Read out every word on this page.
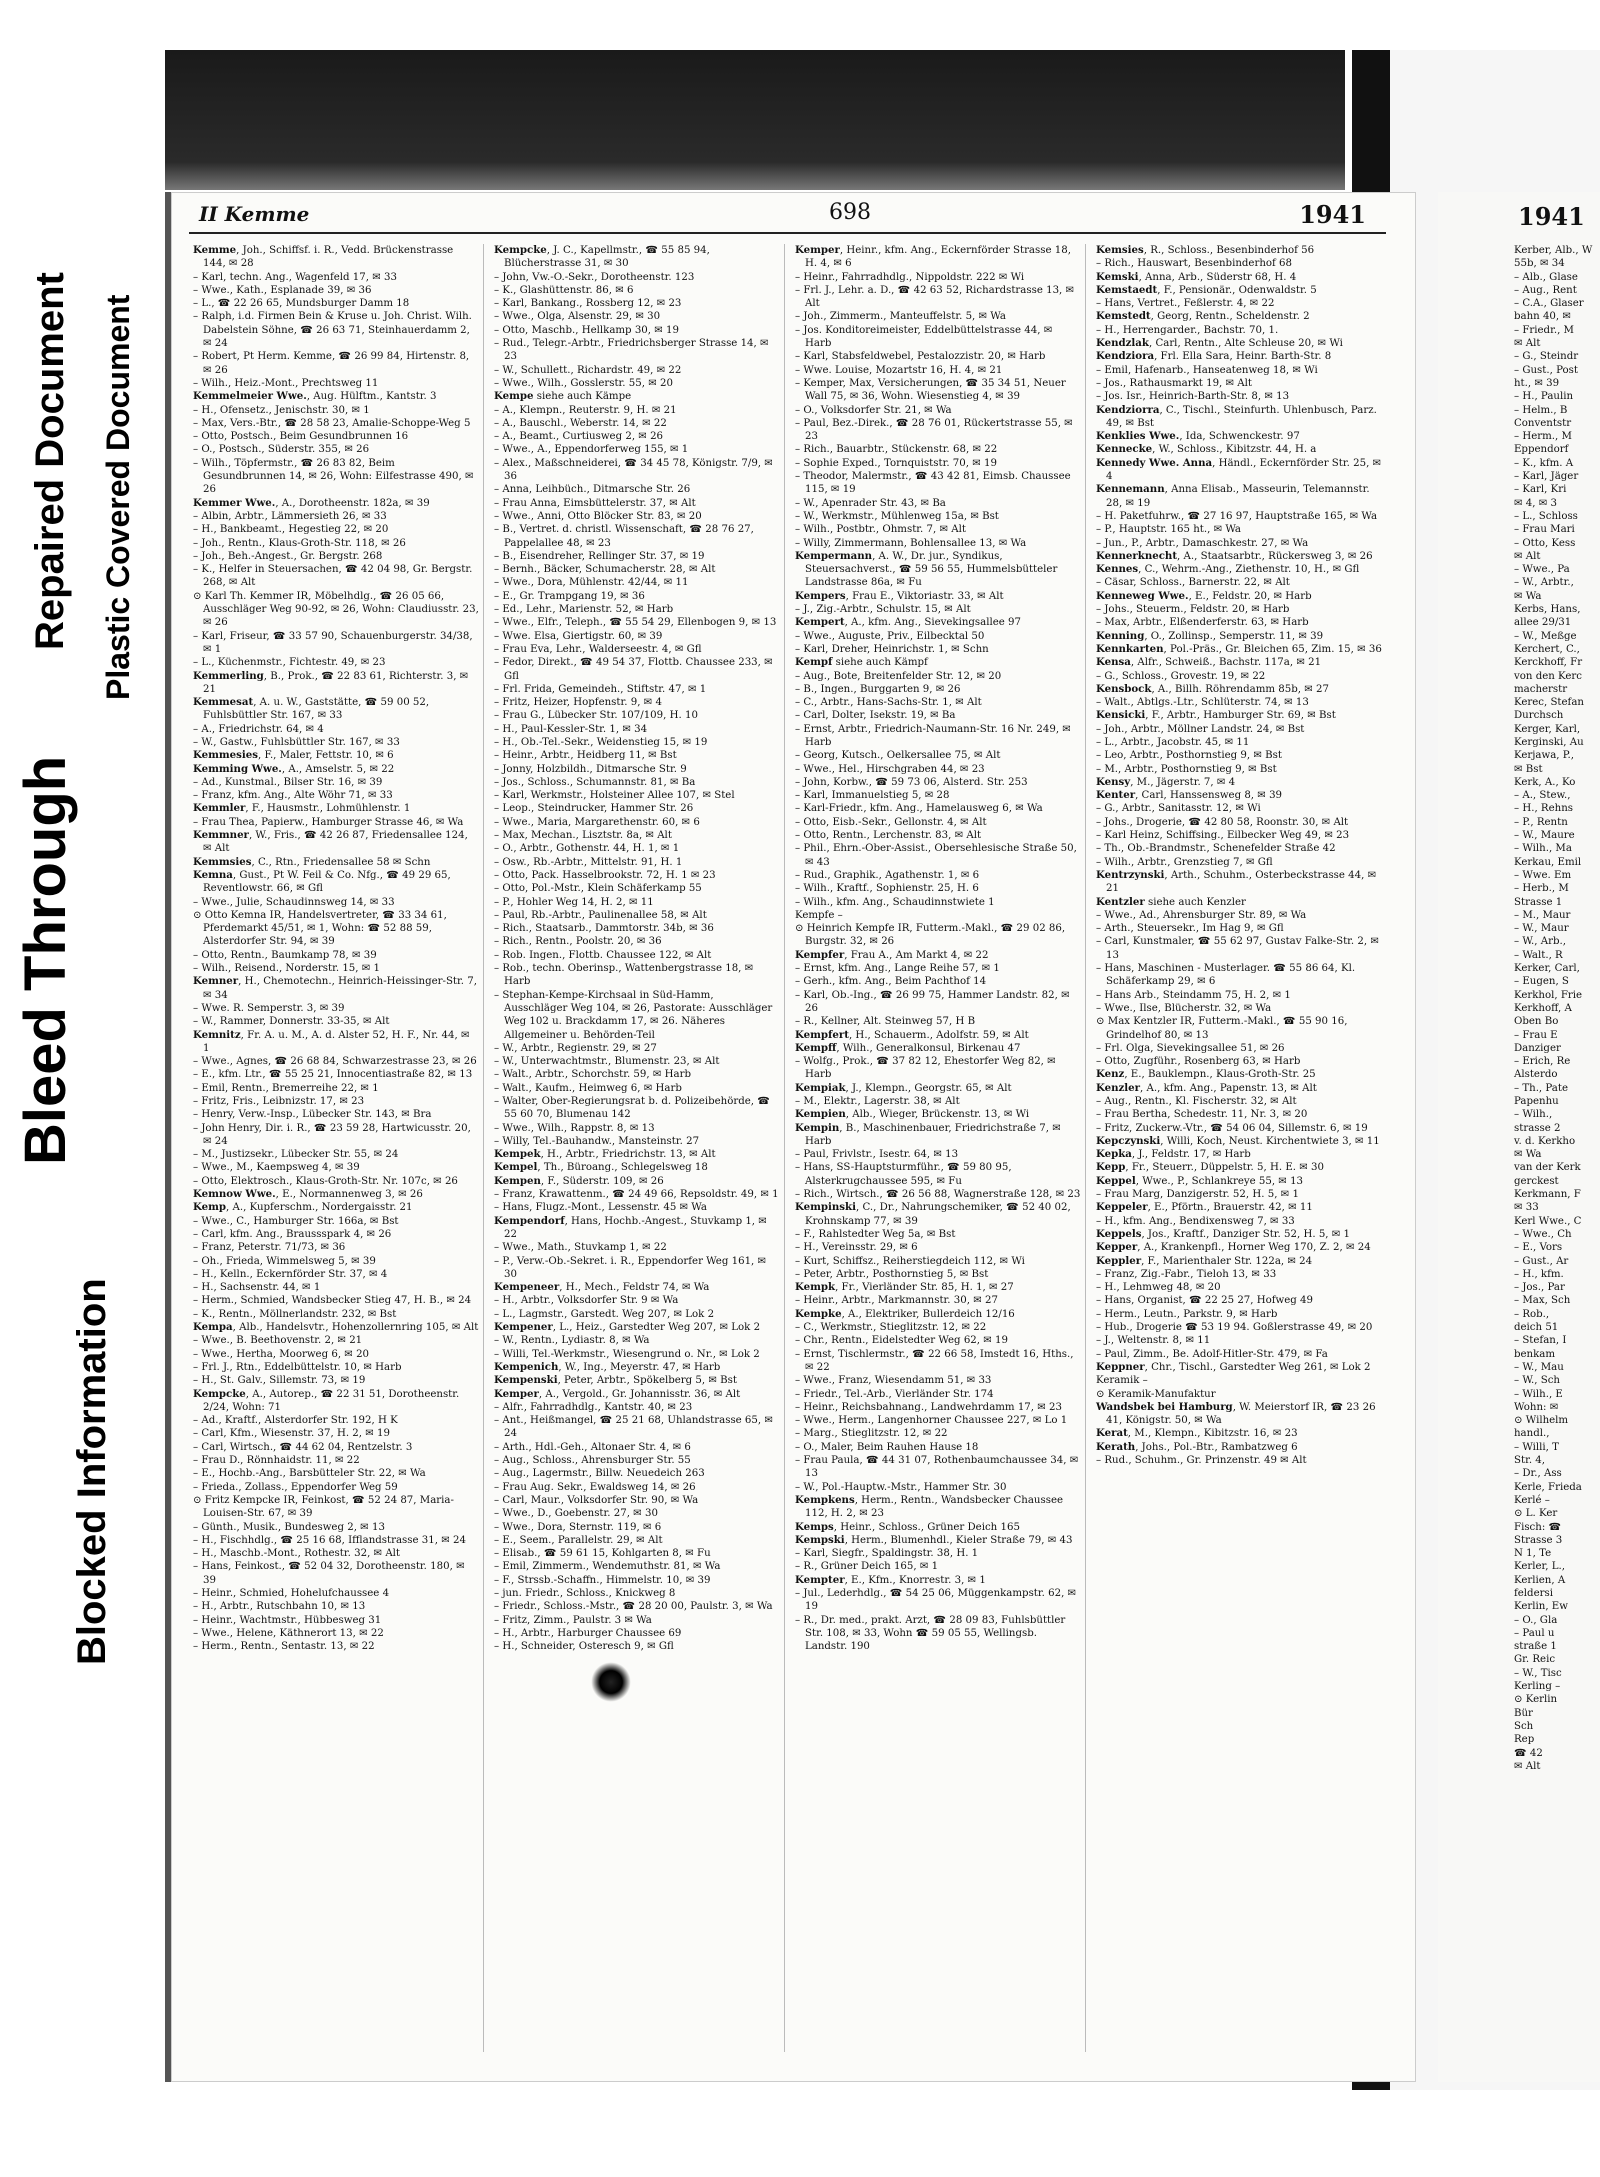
Bleed Through
Repaired Document Plastic Covered Document
Blocked Information
II Kemme	698	1941

Kemme, Joh., Schiffsf. i. R., Vedd. Brückenstrasse 144, ✉ 28

– Karl, techn. Ang., Wagenfeld 17, ✉ 33

– Wwe., Kath., Esplanade 39, ✉ 36

– L., ☎ 22 26 65, Mundsburger Damm 18

– Ralph, i.d. Firmen Bein & Kruse u. Joh. Christ. Wilh. Dabelstein Söhne, ☎ 26 63 71, Steinhauerdamm 2, ✉ 24

– Robert, Pt Herm. Kemme, ☎ 26 99 84, Hirtenstr. 8, ✉ 26

– Wilh., Heiz.-Mont., Prechtsweg 11

Kemmelmeier Wwe., Aug. Hülftm., Kantstr. 3

– H., Ofensetz., Jenischstr. 30, ✉ 1

– Max, Vers.-Btr., ☎ 28 58 23, Amalie-Schoppe-Weg 5

– Otto, Postsch., Beim Gesundbrunnen 16

– O., Postsch., Süderstr. 355, ✉ 26

– Wilh., Töpfermstr., ☎ 26 83 82, Beim Gesundbrunnen 14, ✉ 26, Wohn: Eilfestrasse 490, ✉ 26

Kemmer Wwe., A., Dorotheenstr. 182a, ✉ 39

– Albin, Arbtr., Lämmersieth 26, ✉ 33

– H., Bankbeamt., Hegestieg 22, ✉ 20

– Joh., Rentn., Klaus-Groth-Str. 118, ✉ 26

– Joh., Beh.-Angest., Gr. Bergstr. 268

– K., Helfer in Steuersachen, ☎ 42 04 98, Gr. Bergstr. 268, ✉ Alt

⊙ Karl Th. Kemmer IR, Möbelhdlg., ☎ 26 05 66, Ausschläger Weg 90-92, ✉ 26, Wohn: Claudiusstr. 23, ✉ 26

– Karl, Friseur, ☎ 33 57 90, Schauenburgerstr. 34/38, ✉ 1

– L., Küchenmstr., Fichtestr. 49, ✉ 23

Kemmerling, B., Prok., ☎ 22 83 61, Richterstr. 3, ✉ 21

Kemmesat, A. u. W., Gaststätte, ☎ 59 00 52, Fuhlsbüttler Str. 167, ✉ 33

– A., Friedrichstr. 64, ✉ 4

– W., Gastw., Fuhlsbüttler Str. 167, ✉ 33

Kemmesies, F., Maler, Fettstr. 10, ✉ 6

Kemming Wwe., A., Amselstr. 5, ✉ 22

– Ad., Kunstmal., Bilser Str. 16, ✉ 39

– Franz, kfm. Ang., Alte Wöhr 71, ✉ 33

Kemmler, F., Hausmstr., Lohmühlenstr. 1

– Frau Thea, Papierw., Hamburger Strasse 46, ✉ Wa

Kemmner, W., Fris., ☎ 42 26 87, Friedensallee 124, ✉ Alt

Kemmsies, C., Rtn., Friedensallee 58 ✉ Schn

Kemna, Gust., Pt W. Feil & Co. Nfg., ☎ 49 29 65, Reventlowstr. 66, ✉ Gfl

– Wwe., Julie, Schaudinnsweg 14, ✉ 33

⊙ Otto Kemna IR, Handelsvertreter, ☎ 33 34 61, Pferdemarkt 45/51, ✉ 1, Wohn: ☎ 52 88 59, Alsterdorfer Str. 94, ✉ 39

– Otto, Rentn., Baumkamp 78, ✉ 39

– Wilh., Reisend., Norderstr. 15, ✉ 1

Kemner, H., Chemotechn., Heinrich-Heissinger-Str. 7, ✉ 34

– Wwe. R. Semperstr. 3, ✉ 39

– W., Rammer, Donnerstr. 33-35, ✉ Alt

Kemnitz, Fr. A. u. M., A. d. Alster 52, H. F., Nr. 44, ✉ 1

– Wwe., Agnes, ☎ 26 68 84, Schwarzestrasse 23, ✉ 26

– E., kfm. Ltr., ☎ 55 25 21, Innocentiastraße 82, ✉ 13

– Emil, Rentn., Bremerreihe 22, ✉ 1

– Fritz, Fris., Leibnizstr. 17, ✉ 23

– Henry, Verw.-Insp., Lübecker Str. 143, ✉ Bra

– John Henry, Dir. i. R., ☎ 23 59 28, Hartwicusstr. 20, ✉ 24

– M., Justizsekr., Lübecker Str. 55, ✉ 24

– Wwe., M., Kaempsweg 4, ✉ 39

– Otto, Elektrosch., Klaus-Groth-Str. Nr. 107c, ✉ 26

Kemnow Wwe., E., Normannenweg 3, ✉ 26

Kemp, A., Kupferschm., Nordergaisstr. 21

– Wwe., C., Hamburger Str. 166a, ✉ Bst

– Carl, kfm. Ang., Braussspark 4, ✉ 26

– Franz, Peterstr. 71/73, ✉ 36

– Oh., Frieda, Wimmelsweg 5, ✉ 39

– H., Kelln., Eckernförder Str. 37, ✉ 4

– H., Sachsenstr. 44, ✉ 1

– Herm., Schmied, Wandsbecker Stieg 47, H. B., ✉ 24

– K., Rentn., Möllnerlandstr. 232, ✉ Bst

Kempa, Alb., Handelsvtr., Hohenzollernring 105, ✉ Alt

– Wwe., B. Beethovenstr. 2, ✉ 21

– Wwe., Hertha, Moorweg 6, ✉ 20

– Frl. J., Rtn., Eddelbüttelstr. 10, ✉ Harb

– H., St. Galv., Sillemstr. 73, ✉ 19

Kempcke, A., Autorep., ☎ 22 31 51, Dorotheenstr. 2/24, Wohn: 71

– Ad., Kraftf., Alsterdorfer Str. 192, H K

– Carl, Kfm., Wiesenstr. 37, H. 2, ✉ 19

– Carl, Wirtsch., ☎ 44 62 04, Rentzelstr. 3

– Frau D., Rönnhaidstr. 11, ✉ 22

– E., Hochb.-Ang., Barsbütteler Str. 22, ✉ Wa

– Frieda., Zollass., Eppendorfer Weg 59

⊙ Fritz Kempcke IR, Feinkost, ☎ 52 24 87, Maria-Louisen-Str. 67, ✉ 39

– Günth., Musik., Bundesweg 2, ✉ 13

– H., Fischhdlg., ☎ 25 16 68, Ifflandstrasse 31, ✉ 24

– H., Maschb.-Mont., Rothestr. 32, ✉ Alt

– Hans, Feinkost., ☎ 52 04 32, Dorotheenstr. 180, ✉ 39

– Heinr., Schmied, Hohelufchaussee 4

– H., Arbtr., Rutschbahn 10, ✉ 13

– Heinr., Wachtmstr., Hübbesweg 31

– Wwe., Helene, Käthnerort 13, ✉ 22

– Herm., Rentn., Sentastr. 13, ✉ 22

Kempcke, J. C., Kapellmstr., ☎ 55 85 94, Blücherstrasse 31, ✉ 30

– John, Vw.-O.-Sekr., Dorotheenstr. 123

– K., Glashüttenstr. 86, ✉ 6

– Karl, Bankang., Rossberg 12, ✉ 23

– Wwe., Olga, Alsenstr. 29, ✉ 30

– Otto, Maschb., Hellkamp 30, ✉ 19

– Rud., Telegr.-Arbtr., Friedrichsberger Strasse 14, ✉ 23

– W., Schullett., Richardstr. 49, ✉ 22

– Wwe., Wilh., Gosslerstr. 55, ✉ 20

Kempe siehe auch Kämpe

– A., Klempn., Reuterstr. 9, H. ✉ 21

– A., Bauschl., Weberstr. 14, ✉ 22

– A., Beamt., Curtiusweg 2, ✉ 26

– Wwe., A., Eppendorferweg 155, ✉ 1

– Alex., Maßschneiderei, ☎ 34 45 78, Königstr. 7/9, ✉ 36

– Anna, Leihbüch., Ditmarsche Str. 26

– Frau Anna, Eimsbüttelerstr. 37, ✉ Alt

– Wwe., Anni, Otto Blöcker Str. 83, ✉ 20

– B., Vertret. d. christl. Wissenschaft, ☎ 28 76 27, Pappelallee 48, ✉ 23

– B., Eisendreher, Rellinger Str. 37, ✉ 19

– Bernh., Bäcker, Schumacherstr. 28, ✉ Alt

– Wwe., Dora, Mühlenstr. 42/44, ✉ 11

– E., Gr. Trampgang 19, ✉ 36

– Ed., Lehr., Marienstr. 52, ✉ Harb

– Wwe., Elfr., Teleph., ☎ 55 54 29, Ellenbogen 9, ✉ 13

– Wwe. Elsa, Giertigstr. 60, ✉ 39

– Frau Eva, Lehr., Walderseestr. 4, ✉ Gfl

– Fedor, Direkt., ☎ 49 54 37, Flottb. Chaussee 233, ✉ Gfl

– Frl. Frida, Gemeindeh., Stiftstr. 47, ✉ 1

– Fritz, Heizer, Hopfenstr. 9, ✉ 4

– Frau G., Lübecker Str. 107/109, H. 10

– H., Paul-Kessler-Str. 1, ✉ 34

– H., Ob.-Tel.-Sekr., Weidenstieg 15, ✉ 19

– Heinr., Arbtr., Heidberg 11, ✉ Bst

– Jonny, Holzbildh., Ditmarsche Str. 9

– Jos., Schloss., Schumannstr. 81, ✉ Ba

– Karl, Werkmstr., Holsteiner Allee 107, ✉ Stel

– Leop., Steindrucker, Hammer Str. 26

– Wwe., Maria, Margarethenstr. 60, ✉ 6

– Max, Mechan., Lisztstr. 8a, ✉ Alt

– O., Arbtr., Gothenstr. 44, H. 1, ✉ 1

– Osw., Rb.-Arbtr., Mittelstr. 91, H. 1

– Otto, Pack. Hasselbrookstr. 72, H. 1 ✉ 23

– Otto, Pol.-Mstr., Klein Schäferkamp 55

– P., Hohler Weg 14, H. 2, ✉ 11

– Paul, Rb.-Arbtr., Paulinenallee 58, ✉ Alt

– Rich., Staatsarb., Dammtorstr. 34b, ✉ 36

– Rich., Rentn., Poolstr. 20, ✉ 36

– Rob. Ingen., Flottb. Chaussee 122, ✉ Alt

– Rob., techn. Oberinsp., Wattenbergstrasse 18, ✉ Harb

– Stephan-Kempe-Kirchsaal in Süd-Hamm, Ausschläger Weg 104, ✉ 26, Pastorate: Ausschläger Weg 102 u. Brackdamm 17, ✉ 26. Näheres Allgemeiner u. Behörden-Teil

– W., Arbtr., Regienstr. 29, ✉ 27

– W., Unterwachtmstr., Blumenstr. 23, ✉ Alt

– Walt., Arbtr., Schorchstr. 59, ✉ Harb

– Walt., Kaufm., Heimweg 6, ✉ Harb

– Walter, Ober-Regierungsrat b. d. Polizeibehörde, ☎ 55 60 70, Blumenau 142

– Wwe., Wilh., Rappstr. 8, ✉ 13

– Willy, Tel.-Bauhandw., Mansteinstr. 27

Kempek, H., Arbtr., Friedrichstr. 13, ✉ Alt

Kempel, Th., Büroang., Schlegelsweg 18

Kempen, F., Süderstr. 109, ✉ 26

– Franz, Krawattenm., ☎ 24 49 66, Repsoldstr. 49, ✉ 1

– Hans, Flugz.-Mont., Lessenstr. 45 ✉ Wa

Kempendorf, Hans, Hochb.-Angest., Stuvkamp 1, ✉ 22

– Wwe., Math., Stuvkamp 1, ✉ 22

– P., Verw.-Ob.-Sekret. i. R., Eppendorfer Weg 161, ✉ 30

Kempeneer, H., Mech., Feldstr 74, ✉ Wa

– H., Arbtr., Volksdorfer Str. 9 ✉ Wa

– L., Lagmstr., Garstedt. Weg 207, ✉ Lok 2

Kempener, L., Heiz., Garstedter Weg 207, ✉ Lok 2

– W., Rentn., Lydiastr. 8, ✉ Wa

– Willi, Tel.-Werkmstr., Wiesengrund o. Nr., ✉ Lok 2

Kempenich, W., Ing., Meyerstr. 47, ✉ Harb

Kempenski, Peter, Arbtr., Spökelberg 5, ✉ Bst

Kemper, A., Vergold., Gr. Johannisstr. 36, ✉ Alt

– Alfr., Fahrradhdlg., Kantstr. 40, ✉ 23

– Ant., Heißmangel, ☎ 25 21 68, Uhlandstrasse 65, ✉ 24

– Arth., Hdl.-Geh., Altonaer Str. 4, ✉ 6

– Aug., Schloss., Ahrensburger Str. 55

– Aug., Lagermstr., Billw. Neuedeich 263

– Frau Aug. Sekr., Ewaldsweg 14, ✉ 26

– Carl, Maur., Volksdorfer Str. 90, ✉ Wa

– Wwe., D., Goebenstr. 27, ✉ 30

– Wwe., Dora, Sternstr. 119, ✉ 6

– E., Seem., Parallelstr. 29, ✉ Alt

– Elisab., ☎ 59 61 15, Kohlgarten 8, ✉ Fu

– Emil, Zimmerm., Wendemuthstr. 81, ✉ Wa

– F., Strssb.-Schaffn., Himmelstr. 10, ✉ 39

– jun. Friedr., Schloss., Knickweg 8

– Friedr., Schloss.-Mstr., ☎ 28 20 00, Paulstr. 3, ✉ Wa

– Fritz, Zimm., Paulstr. 3 ✉ Wa

– H., Arbtr., Harburger Chaussee 69

– H., Schneider, Osteresch 9, ✉ Gfl

Kemper, Heinr., kfm. Ang., Eckernförder Strasse 18, H. 4, ✉ 6

– Heinr., Fahrradhdlg., Nippoldstr. 222 ✉ Wi

– Frl. J., Lehr. a. D., ☎ 42 63 52, Richardstrasse 13, ✉ Alt

– Joh., Zimmerm., Manteuffelstr. 5, ✉ Wa

– Jos. Konditoreimeister, Eddelbüttelstrasse 44, ✉ Harb

– Karl, Stabsfeldwebel, Pestalozzistr. 20, ✉ Harb

– Wwe. Louise, Mozartstr 16, H. 4, ✉ 21

– Kemper, Max, Versicherungen, ☎ 35 34 51, Neuer Wall 75, ✉ 36, Wohn. Wiesenstieg 4, ✉ 39

– O., Volksdorfer Str. 21, ✉ Wa

– Paul, Bez.-Direk., ☎ 28 76 01, Rückertstrasse 55, ✉ 23

– Rich., Bauarbtr., Stückenstr. 68, ✉ 22

– Sophie Exped., Tornquiststr. 70, ✉ 19

– Theodor, Malermstr., ☎ 43 42 81, Eimsb. Chaussee 115, ✉ 19

– W., Apenrader Str. 43, ✉ Ba

– W., Werkmstr., Mühlenweg 15a, ✉ Bst

– Wilh., Postbtr., Ohmstr. 7, ✉ Alt

– Willy, Zimmermann, Bohlensallee 13, ✉ Wa

Kempermann, A. W., Dr. jur., Syndikus, Steuersachverst., ☎ 59 56 55, Hummelsbütteler Landstrasse 86a, ✉ Fu

Kempers, Frau E., Viktoriastr. 33, ✉ Alt

– J., Zig.-Arbtr., Schulstr. 15, ✉ Alt

Kempert, A., kfm. Ang., Sievekingsallee 97

– Wwe., Auguste, Priv., Eilbecktal 50

– Karl, Dreher, Heinrichstr. 1, ✉ Schn

Kempf siehe auch Kämpf

– Aug., Bote, Breitenfelder Str. 12, ✉ 20

– B., Ingen., Burggarten 9, ✉ 26

– C., Arbtr., Hans-Sachs-Str. 1, ✉ Alt

– Carl, Dolter, Isekstr. 19, ✉ Ba

– Ernst, Arbtr., Friedrich-Naumann-Str. 16 Nr. 249, ✉ Harb

– Georg, Kutsch., Oelkersallee 75, ✉ Alt

– Wwe., Hel., Hirschgraben 44, ✉ 23

– John, Korbw., ☎ 59 73 06, Alsterd. Str. 253

– Karl, Immanuelstieg 5, ✉ 28

– Karl-Friedr., kfm. Ang., Hamelausweg 6, ✉ Wa

– Otto, Eisb.-Sekr., Gellonstr. 4, ✉ Alt

– Otto, Rentn., Lerchenstr. 83, ✉ Alt

– Phil., Ehrn.-Ober-Assist., Obersehlesische Straße 50, ✉ 43

– Rud., Graphik., Agathenstr. 1, ✉ 6

– Wilh., Kraftf., Sophienstr. 25, H. 6

– Wilh., kfm. Ang., Schaudinnstwiete 1

Kempfe –

⊙ Heinrich Kempfe IR, Futterm.-Makl., ☎ 29 02 86, Burgstr. 32, ✉ 26

Kempfer, Frau A., Am Markt 4, ✉ 22

– Ernst, kfm. Ang., Lange Reihe 57, ✉ 1

– Gerh., kfm. Ang., Beim Pachthof 14

– Karl, Ob.-Ing., ☎ 26 99 75, Hammer Landstr. 82, ✉ 26

– R., Kellner, Alt. Steinweg 57, H B

Kempfert, H., Schauerm., Adolfstr. 59, ✉ Alt

Kempff, Wilh., Generalkonsul, Birkenau 47

– Wolfg., Prok., ☎ 37 82 12, Ehestorfer Weg 82, ✉ Harb

Kempiak, J., Klempn., Georgstr. 65, ✉ Alt

– M., Elektr., Lagerstr. 38, ✉ Alt

Kempien, Alb., Wieger, Brückenstr. 13, ✉ Wi

Kempin, B., Maschinenbauer, Friedrichstraße 7, ✉ Harb

– Paul, Frivlstr., Isestr. 64, ✉ 13

– Hans, SS-Hauptsturmführ., ☎ 59 80 95, Alsterkrugchaussee 595, ✉ Fu

– Rich., Wirtsch., ☎ 26 56 88, Wagnerstraße 128, ✉ 23

Kempinski, C., Dr., Nahrungschemiker, ☎ 52 40 02, Krohnskamp 77, ✉ 39

– F., Rahlstedter Weg 5a, ✉ Bst

– H., Vereinsstr. 29, ✉ 6

– Kurt, Schiffsz., Reiherstiegdeich 112, ✉ Wi

– Peter, Arbtr., Posthornstieg 5, ✉ Bst

Kempk, Fr., Vierländer Str. 85, H. 1, ✉ 27

– Heinr., Arbtr., Markmannstr. 30, ✉ 27

Kempke, A., Elektriker, Bullerdeich 12/16

– C., Werkmstr., Stieglitzstr. 12, ✉ 22

– Chr., Rentn., Eidelstedter Weg 62, ✉ 19

– Ernst, Tischlermstr., ☎ 22 66 58, Imstedt 16, Hths., ✉ 22

– Wwe., Franz, Wiesendamm 51, ✉ 33

– Friedr., Tel.-Arb., Vierländer Str. 174

– Heinr., Reichsbahnang., Landwehrdamm 17, ✉ 23

– Wwe., Herm., Langenhorner Chaussee 227, ✉ Lo 1

– Marg., Stieglitzstr. 12, ✉ 22

– O., Maler, Beim Rauhen Hause 18

– Frau Paula, ☎ 44 31 07, Rothenbaumchaussee 34, ✉ 13

– W., Pol.-Hauptw.-Mstr., Hammer Str. 30

Kempkens, Herm., Rentn., Wandsbecker Chaussee 112, H. 2, ✉ 23

Kemps, Heinr., Schloss., Grüner Deich 165

Kempski, Herm., Blumenhdl., Kieler Straße 79, ✉ 43

– Karl, Siegfr., Spaldingstr. 38, H. 1

– R., Grüner Deich 165, ✉ 1

Kempter, E., Kfm., Knorrestr. 3, ✉ 1

– Jul., Lederhdlg., ☎ 54 25 06, Müggenkampstr. 62, ✉ 19

– R., Dr. med., prakt. Arzt, ☎ 28 09 83, Fuhlsbüttler Str. 108, ✉ 33, Wohn ☎ 59 05 55, Wellingsb. Landstr. 190

Kemsies, R., Schloss., Besenbinderhof 56

– Rich., Hauswart, Besenbinderhof 68

Kemski, Anna, Arb., Süderstr 68, H. 4

Kemstaedt, F., Pensionär., Odenwaldstr. 5

– Hans, Vertret., Feßlerstr. 4, ✉ 22

Kemstedt, Georg, Rentn., Scheldenstr. 2

– H., Herrengarder., Bachstr. 70, 1.

Kendzlak, Carl, Rentn., Alte Schleuse 20, ✉ Wi

Kendziora, Frl. Ella Sara, Heinr. Barth-Str. 8

– Emil, Hafenarb., Hanseatenweg 18, ✉ Wi

– Jos., Rathausmarkt 19, ✉ Alt

– Jos. Isr., Heinrich-Barth-Str. 8, ✉ 13

Kendziorra, C., Tischl., Steinfurth. Uhlenbusch, Parz. 49, ✉ Bst

Kenklies Wwe., Ida, Schwenckestr. 97

Kennecke, W., Schloss., Kibitzstr. 44, H. a

Kennedy Wwe. Anna, Händl., Eckernförder Str. 25, ✉ 4

Kennemann, Anna Elisab., Masseurin, Telemannstr. 28, ✉ 19

– H. Paketfuhrw., ☎ 27 16 97, Hauptstraße 165, ✉ Wa

– P., Hauptstr. 165 ht., ✉ Wa

– Jun., P., Arbtr., Damaschkestr. 27, ✉ Wa

Kennerknecht, A., Staatsarbtr., Rückersweg 3, ✉ 26

Kennes, C., Wehrm.-Ang., Ziethenstr. 10, H., ✉ Gfl

– Cäsar, Schloss., Barnerstr. 22, ✉ Alt

Kenneweg Wwe., E., Feldstr. 20, ✉ Harb

– Johs., Steuerm., Feldstr. 20, ✉ Harb

– Max, Arbtr., Elßenderferstr. 63, ✉ Harb

Kenning, O., Zollinsp., Semperstr. 11, ✉ 39

Kennkarten, Pol.-Präs., Gr. Bleichen 65, Zim. 15, ✉ 36

Kensa, Alfr., Schweiß., Bachstr. 117a, ✉ 21

– G., Schloss., Grovestr. 19, ✉ 22

Kensbock, A., Billh. Röhrendamm 85b, ✉ 27

– Walt., Abtlgs.-Ltr., Schlüterstr. 74, ✉ 13

Kensicki, F., Arbtr., Hamburger Str. 69, ✉ Bst

– Joh., Arbtr., Möllner Landstr. 24, ✉ Bst

– L., Arbtr., Jacobstr. 45, ✉ 11

– Leo, Arbtr., Posthornstieg 9, ✉ Bst

– M., Arbtr., Posthornstieg 9, ✉ Bst

Kensy, M., Jägerstr. 7, ✉ 4

Kenter, Carl, Hanssensweg 8, ✉ 39

– G., Arbtr., Sanitasstr. 12, ✉ Wi

– Johs., Drogerie, ☎ 42 80 58, Roonstr. 30, ✉ Alt

– Karl Heinz, Schiffsing., Eilbecker Weg 49, ✉ 23

– Th., Ob.-Brandmstr., Schenefelder Straße 42

– Wilh., Arbtr., Grenzstieg 7, ✉ Gfl

Kentrzynski, Arth., Schuhm., Osterbeckstrasse 44, ✉ 21

Kentzler siehe auch Kenzler

– Wwe., Ad., Ahrensburger Str. 89, ✉ Wa

– Arth., Steuersekr., Im Hag 9, ✉ Gfl

– Carl, Kunstmaler, ☎ 55 62 97, Gustav Falke-Str. 2, ✉ 13

– Hans, Maschinen - Musterlager. ☎ 55 86 64, Kl. Schäferkamp 29, ✉ 6

– Hans Arb., Steindamm 75, H. 2, ✉ 1

– Wwe., Ilse, Blücherstr. 32, ✉ Wa

⊙ Max Kentzler IR, Futterm.-Makl., ☎ 55 90 16, Grindelhof 80, ✉ 13

– Frl. Olga, Sievekingsallee 51, ✉ 26

– Otto, Zugführ., Rosenberg 63, ✉ Harb

Kenz, E., Bauklempn., Klaus-Groth-Str. 25

Kenzler, A., kfm. Ang., Papenstr. 13, ✉ Alt

– Aug., Rentn., Kl. Fischerstr. 32, ✉ Alt

– Frau Bertha, Schedestr. 11, Nr. 3, ✉ 20

– Fritz, Zuckerw.-Vtr., ☎ 54 06 04, Sillemstr. 6, ✉ 19

Kepczynski, Willi, Koch, Neust. Kirchentwiete 3, ✉ 11

Kepka, J., Feldstr. 17, ✉ Harb

Kepp, Fr., Steuerr., Düppelstr. 5, H. E. ✉ 30

Keppel, Wwe., P., Schlankreye 55, ✉ 13

– Frau Marg, Danzigerstr. 52, H. 5, ✉ 1

Keppeler, E., Pförtn., Brauerstr. 42, ✉ 11

– H., kfm. Ang., Bendixensweg 7, ✉ 33

Keppels, Jos., Kraftf., Danziger Str. 52, H. 5, ✉ 1

Kepper, A., Krankenpfl., Horner Weg 170, Z. 2, ✉ 24

Keppler, F., Marienthaler Str. 122a, ✉ 24

– Franz, Zig.-Fabr., Tieloh 13, ✉ 33

– H., Lehmweg 48, ✉ 20

– Hans, Organist, ☎ 22 25 27, Hofweg 49

– Herm., Leutn., Parkstr. 9, ✉ Harb

– Hub., Drogerie ☎ 53 19 94. Goßlerstrasse 49, ✉ 20

– J., Weltenstr. 8, ✉ 11

– Paul, Zimm., Be. Adolf-Hitler-Str. 479, ✉ Fa

Keppner, Chr., Tischl., Garstedter Weg 261, ✉ Lok 2

Keramik –

⊙ Keramik-Manufaktur

Wandsbek bei Hamburg, W. Meierstorf IR, ☎ 23 26 41, Königstr. 50, ✉ Wa

Kerat, M., Klempn., Kibitzstr. 16, ✉ 23

Kerath, Johs., Pol.-Btr., Rambatzweg 6

– Rud., Schuhm., Gr. Prinzenstr. 49 ✉ Alt

1941
Kerber, Alb., W
55b, ✉ 34
– Alb., Glase
– Aug., Rent
– C.A., Glaser
bahn 40, ✉
– Friedr., M
✉ Alt
– G., Steindr
– Gust., Post
ht., ✉ 39
– H., Paulin
– Helm., B
Conventstr
– Herm., M
Eppendorf
– K., kfm. A
– Karl, Jäger
– Karl, Kri
✉ 4, ✉ 3
– L., Schloss
– Frau Mari
– Otto, Kess
✉ Alt
– Wwe., Pa
– W., Arbtr.,
✉ Wa
Kerbs, Hans,
allee 29/31
– W., Meßge
Kerchert, C.,
Kerckhoff, Fr
von den Kerc
macherstr
Kerec, Stefan
Durchsch
Kerger, Karl,
Kerginski, Au
Kerjawa, P.,
✉ Bst
Kerk, A., Ko
– A., Stew.,
– H., Rehns
– P., Rentn
– W., Maure
– Wilh., Ma
Kerkau, Emil
– Wwe. Em
– Herb., M
Strasse 1
– M., Maur
– W., Maur
– W., Arb.,
– Walt., R
Kerker, Carl,
– Eugen, S
Kerkhol, Frie
Kerkhoff, A
Oben Bo
– Frau E
Danziger
– Erich, Re
Alsterdo
– Th., Pate
Papenhu
– Wilh.,
strasse 2
v. d. Kerkho
✉ Wa
van der Kerk
gerckest
Kerkmann, F
✉ 33
Kerl Wwe., C
– Wwe., Ch
– E., Vors
– Gust., Ar
– H., kfm.
– Jos., Par
– Max, Sch
– Rob.,
deich 51
– Stefan, I
benkam
– W., Mau
– W., Sch
– Wilh., E
Wohn: ✉
⊙ Wilhelm
handl.,
– Willi, T
Str. 4,
– Dr., Ass
Kerle, Frieda
Kerlé –
⊙ L. Ker
Fisch: ☎
Strasse 3
N 1, Te
Kerler, L.,
Kerlien, A
feldersi
Kerlin, Ew
– O., Gla
– Paul u
straße 1
Gr. Reic
– W., Tisc
Kerling –
⊙ Kerlin
Bür
Sch
Rep
☎ 42
✉ Alt
